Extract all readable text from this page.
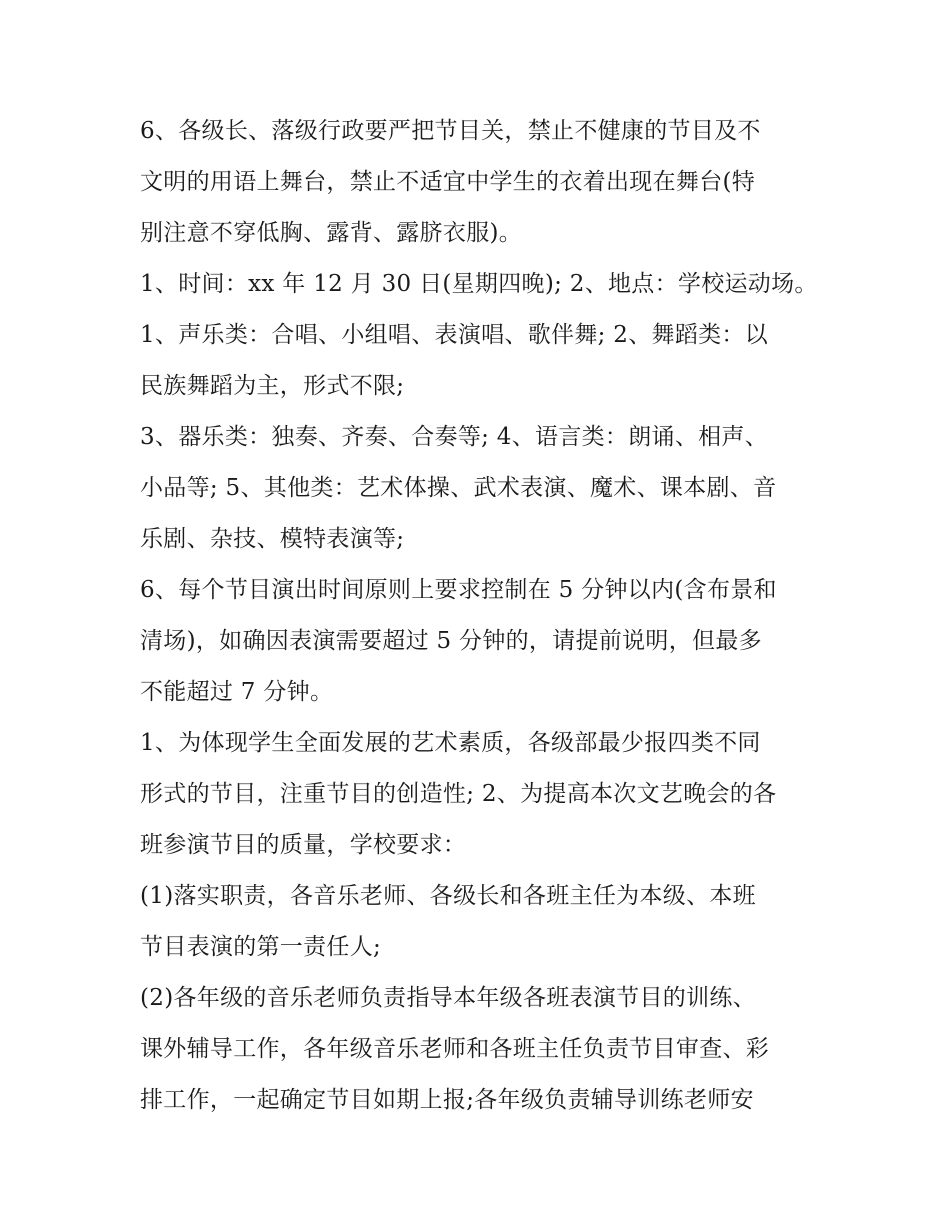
6、各级长、落级行政要严把节目关，禁止不健康的节目及不
文明的用语上舞台，禁止不适宜中学生的衣着出现在舞台(特
别注意不穿低胸、露背、露脐衣服)。
1、时间：xx 年 12 月 30 日(星期四晚); 2、地点：学校运动场。
1、声乐类：合唱、小组唱、表演唱、歌伴舞; 2、舞蹈类：以
民族舞蹈为主，形式不限;
3、器乐类：独奏、齐奏、合奏等; 4、语言类：朗诵、相声、
小品等; 5、其他类：艺术体操、武术表演、魔术、课本剧、音
乐剧、杂技、模特表演等;
6、每个节目演出时间原则上要求控制在 5 分钟以内(含布景和
清场)，如确因表演需要超过 5 分钟的，请提前说明，但最多
不能超过 7 分钟。
1、为体现学生全面发展的艺术素质，各级部最少报四类不同
形式的节目，注重节目的创造性; 2、为提高本次文艺晚会的各
班参演节目的质量，学校要求：
(1)落实职责，各音乐老师、各级长和各班主任为本级、本班
节目表演的第一责任人;
(2)各年级的音乐老师负责指导本年级各班表演节目的训练、
课外辅导工作，各年级音乐老师和各班主任负责节目审查、彩
排工作，一起确定节目如期上报;各年级负责辅导训练老师安
